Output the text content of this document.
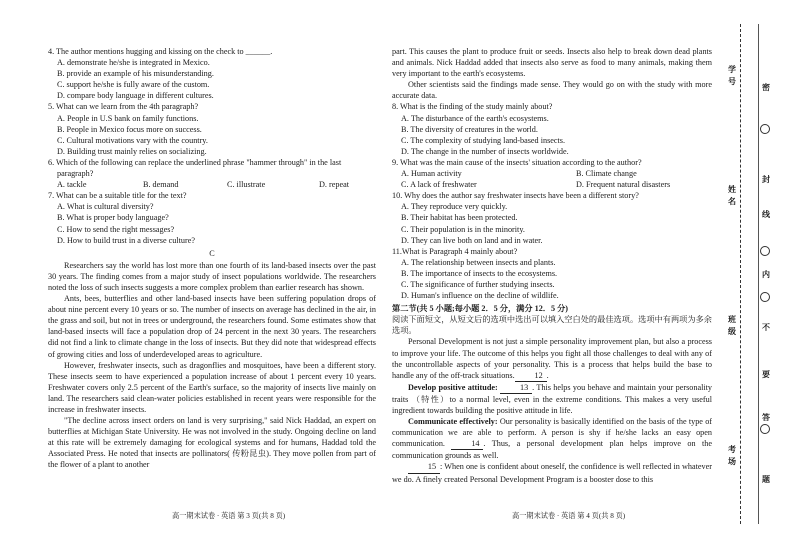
4. The author mentions hugging and kissing on the check to ______.
A. demonstrate he/she is integrated in Mexico.
B. provide an example of his misunderstanding.
C. support he/she is fully aware of the custom.
D. compare body language in different cultures.
5. What can we learn from the 4th paragraph?
A. People in U.S bank on family functions.
B. People in Mexico focus more on success.
C. Cultural motivations vary with the country.
D. Building trust mainly relies on socializing.
6. Which of the following can replace the underlined phrase "hammer through" in the last
paragraph?
A. tackle	B. demand	C. illustrate	D. repeat
7. What can be a suitable title for the text?
A. What is cultural diversity?
B. What is proper body language?
C. How to send the right messages?
D. How to build trust in a diverse culture?
C
Researchers say the world has lost more than one fourth of its land-based insects over the past 30 years. The finding comes from a major study of insect populations worldwide. The researchers noted the loss of such insects suggests a more complex problem than earlier research has shown.
Ants, bees, butterflies and other land-based insects have been suffering population drops of about nine percent every 10 years or so. The number of insects on average has declined in the air, in the grass and soil, but not in trees or underground, the researchers found. Some estimates show that land-based insects will face a population drop of 24 percent in the next 30 years. The researchers did not find a link to climate change in the loss of insects. But they did note that widespread effects of growing cities and loss of underdeveloped areas to agriculture.
However, freshwater insects, such as dragonflies and mosquitoes, have been a different story. These insects seem to have experienced a population increase of about 1 percent every 10 years. Freshwater covers only 2.5 percent of the Earth's surface, so the majority of insects live mainly on land. The researchers said clean-water policies established in recent years were responsible for the increase in freshwater insects.
"The decline across insect orders on land is very surprising," said Nick Haddad, an expert on butterflies at Michigan State University. He was not involved in the study. Ongoing decline on land at this rate will be extremely damaging for ecological systems and for humans, Haddad told the Associated Press. He noted that insects are pollinators( 传粉昆虫). They move pollen from part of the flower of a plant to another
part. This causes the plant to produce fruit or seeds. Insects also help to break down dead plants and animals. Nick Haddad added that insects also serve as food to many animals, making them very important to the earth's ecosystems.
Other scientists said the findings made sense. They would go on with the study with more accurate data.
8. What is the finding of the study mainly about?
A. The disturbance of the earth's ecosystems.
B. The diversity of creatures in the world.
C. The complexity of studying land-based insects.
D. The change in the number of insects worldwide.
9. What was the main cause of the insects' situation according to the author?
A. Human activity	B. Climate change
C. A lack of freshwater	D. Frequent natural disasters
10. Why does the author say freshwater insects have been a different story?
A. They reproduce very quickly.
B. Their habitat has been protected.
C. Their population is in the minority.
D. They can live both on land and in water.
11.What is Paragraph 4 mainly about?
A. The relationship between insects and plants.
B. The importance of insects to the ecosystems.
C. The significance of further studying insects.
D. Human's influence on the decline of wildlife.
第二节(共 5 小题;每小题 2．5 分，满分 12．5 分)
阅读下面短文，从短文后的选项中选出可以填入空白处的最佳选项。选项中有两项为多余选项。
Personal Development is not just a simple personality improvement plan, but also a process to improve your life. The outcome of this helps you fight all those challenges to deal with any of the uncontrollable aspects of your personality. This is a process that helps build the base to handle any of the off-track situations. 12 .
Develop positive attitude:	13 . This helps you behave and maintain your personality traits （特性）to a normal level, even in the extreme conditions. This makes a very useful ingredient towards building the positive attitude in life.
Communicate effectively: Our personality is basically identified on the basis of the type of communication we are able to perform. A person is shy if he/she lacks an easy open communication.	14 . Thus, a personal development plan helps improve on the communication grounds as well.
15 : When one is confident about oneself, the confidence is well reflected in whatever we do. A finely created Personal Development Program is a booster dose to this
高一期末试卷 · 英语 第 3 页(共 8 页)	高一期末试卷 · 英语 第 4 页(共 8 页)
学
号
姓
名
班
级
考
场
密
封
线
内
不
要
答
题
